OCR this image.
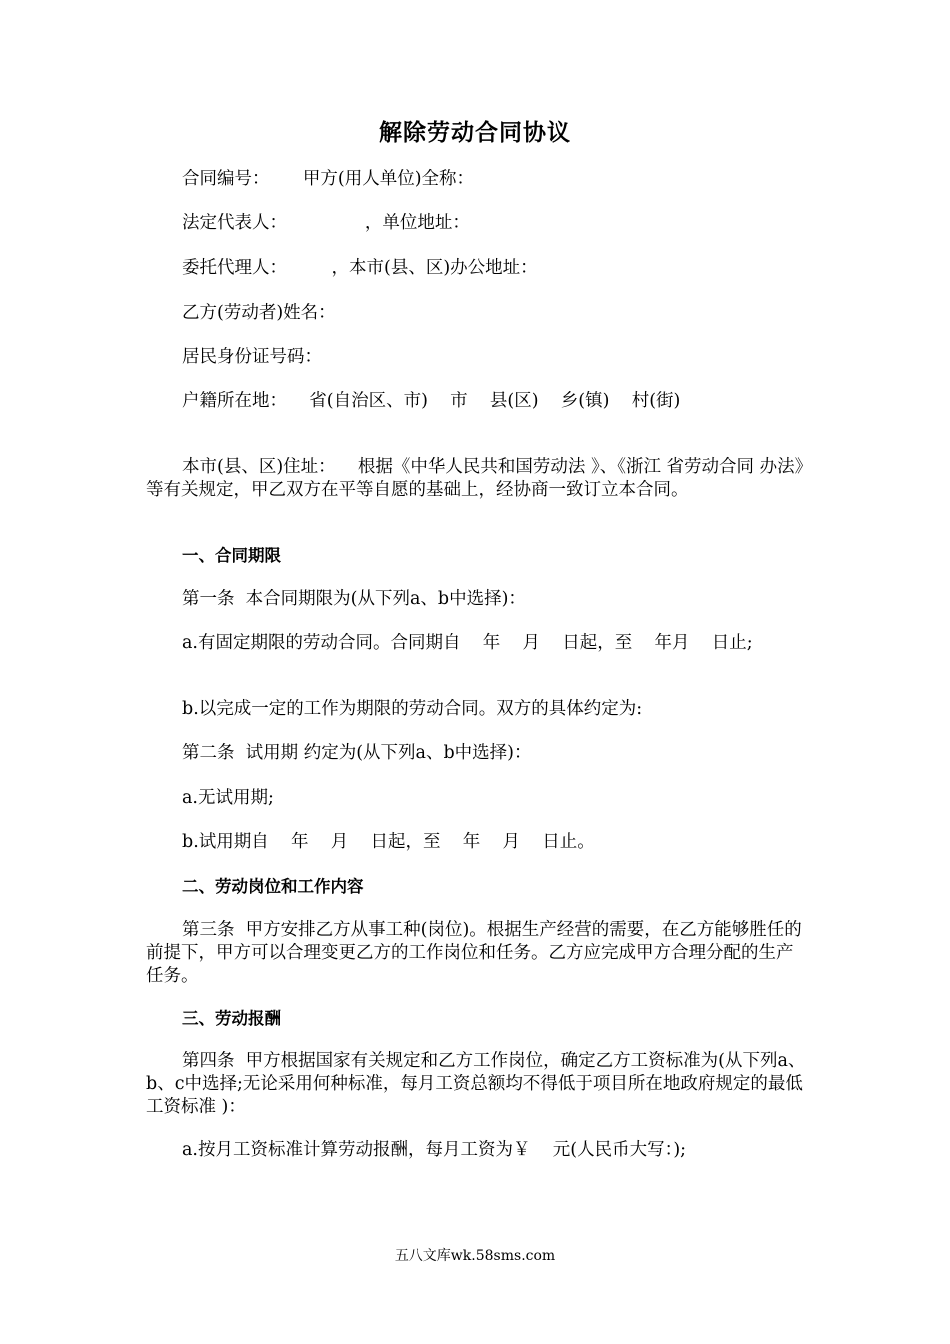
解除劳动合同协议
合同编号：      甲方(用人单位)全称：
法定代表人：              ，单位地址：
委托代理人：        ，本市(县、区)办公地址：
乙方(劳动者)姓名：
居民身份证号码：
户籍所在地：    省(自治区、市)    市    县(区)    乡(镇)    村(街)
本市(县、区)住址：    根据《中华人民共和国劳动法 》、《浙江 省劳动合同 办法》等有关规定，甲乙双方在平等自愿的基础上，经协商一致订立本合同。
一、合同期限
第一条  本合同期限为(从下列a、b中选择)：
a.有固定期限的劳动合同。合同期自    年    月    日起，至    年月    日止;
b.以完成一定的工作为期限的劳动合同。双方的具体约定为:
第二条  试用期 约定为(从下列a、b中选择)：
a.无试用期;
b.试用期自    年    月    日起，至    年    月    日止。
二、劳动岗位和工作内容
第三条  甲方安排乙方从事工种(岗位)。根据生产经营的需要，在乙方能够胜任的前提下，甲方可以合理变更乙方的工作岗位和任务。乙方应完成甲方合理分配的生产任务。
三、劳动报酬
第四条  甲方根据国家有关规定和乙方工作岗位，确定乙方工资标准为(从下列a、b、c中选择;无论采用何种标准，每月工资总额均不得低于项目所在地政府规定的最低工资标准 )：
a.按月工资标准计算劳动报酬，每月工资为￥    元(人民币大写：);
五八文库wk.58sms.com
